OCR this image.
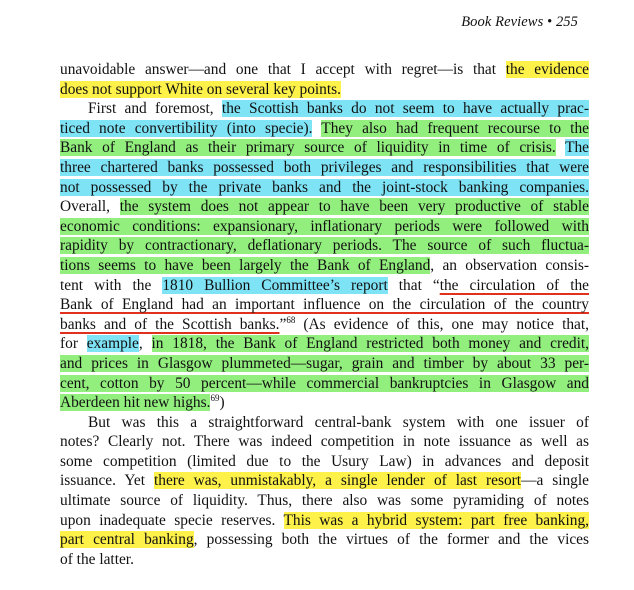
Book Reviews • 255
unavoidable answer—and one that I accept with regret—is that the evidence
does not support White on several key points.
First and foremost, the Scottish banks do not seem to have actually prac-
ticed note convertibility (into specie). They also had frequent recourse to the
Bank of England as their primary source of liquidity in time of crisis. The
three chartered banks possessed both privileges and responsibilities that were
not possessed by the private banks and the joint-stock banking companies.
Overall, the system does not appear to have been very productive of stable
economic conditions: expansionary, inflationary periods were followed with
rapidity by contractionary, deflationary periods. The source of such fluctua-
tions seems to have been largely the Bank of England, an observation consis-
tent with the 1810 Bullion Committee’s report that “the circulation of the
Bank of England had an important influence on the circulation of the country
banks and of the Scottish banks.”$^{68}$ (As evidence of this, one may notice that,
for example, in 1818, the Bank of England restricted both money and credit,
and prices in Glasgow plummeted—sugar, grain and timber by about 33 per-
cent, cotton by 50 percent—while commercial bankruptcies in Glasgow and
Aberdeen hit new highs.$^{69}$)
But was this a straightforward central-bank system with one issuer of
notes? Clearly not. There was indeed competition in note issuance as well as
some competition (limited due to the Usury Law) in advances and deposit
issuance. Yet there was, unmistakably, a single lender of last resort—a single
ultimate source of liquidity. Thus, there also was some pyramiding of notes
upon inadequate specie reserves. This was a hybrid system: part free banking,
part central banking, possessing both the virtues of the former and the vices
of the latter.
